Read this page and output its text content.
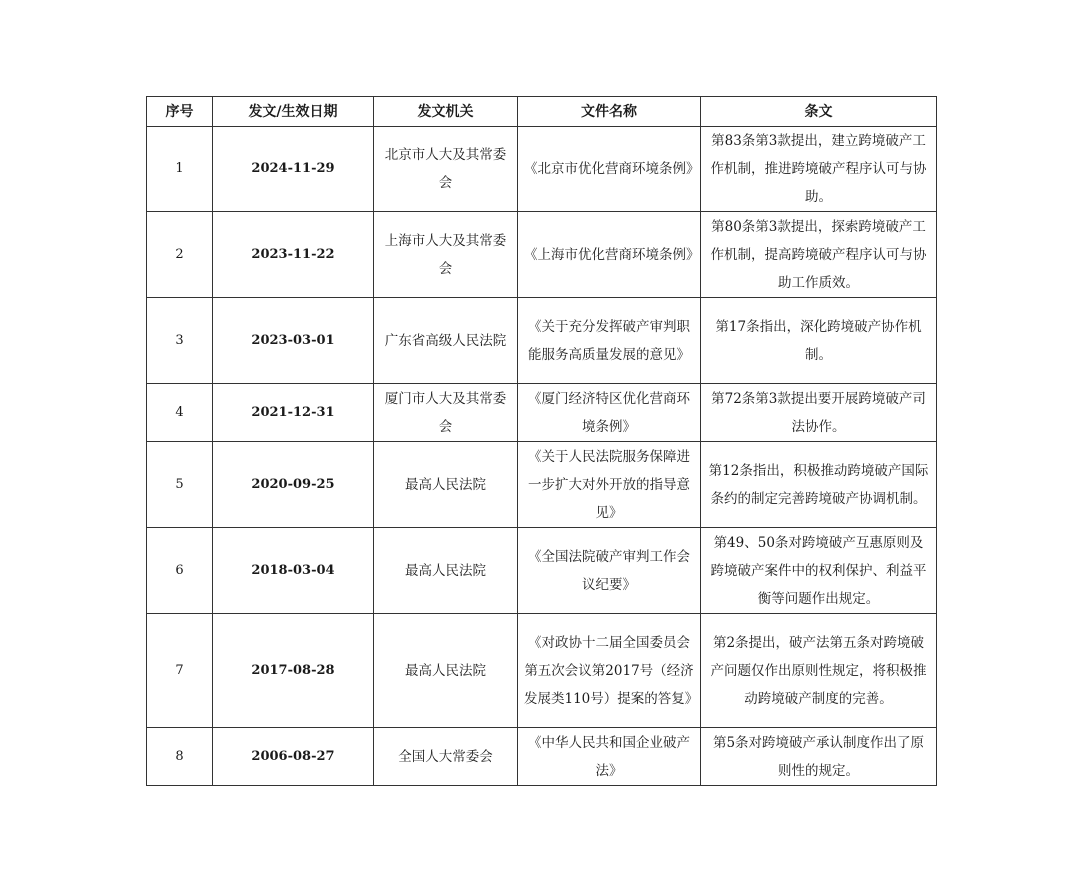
序号	发文/生效日期	发文机关	文件名称	条文
1	2024-11-29	北京市人大及其常委会	《北京市优化营商环境条例》	第83条第3款提出，建立跨境破产工作机制，推进跨境破产程序认可与协助。
2	2023-11-22	上海市人大及其常委会	《上海市优化营商环境条例》	第80条第3款提出，探索跨境破产工作机制，提高跨境破产程序认可与协助工作质效。
3	2023-03-01	广东省高级人民法院	《关于充分发挥破产审判职能服务高质量发展的意见》	第17条指出，深化跨境破产协作机制。
4	2021-12-31	厦门市人大及其常委会	《厦门经济特区优化营商环境条例》	第72条第3款提出要开展跨境破产司法协作。
5	2020-09-25	最高人民法院	《关于人民法院服务保障进一步扩大对外开放的指导意见》	第12条指出，积极推动跨境破产国际条约的制定完善跨境破产协调机制。
6	2018-03-04	最高人民法院	《全国法院破产审判工作会议纪要》	第49、50条对跨境破产互惠原则及跨境破产案件中的权利保护、利益平衡等问题作出规定。
7	2017-08-28	最高人民法院	《对政协十二届全国委员会第五次会议第2017号（经济发展类110号）提案的答复》	第2条提出，破产法第五条对跨境破产问题仅作出原则性规定，将积极推动跨境破产制度的完善。
8	2006-08-27	全国人大常委会	《中华人民共和国企业破产法》	第5条对跨境破产承认制度作出了原则性的规定。
